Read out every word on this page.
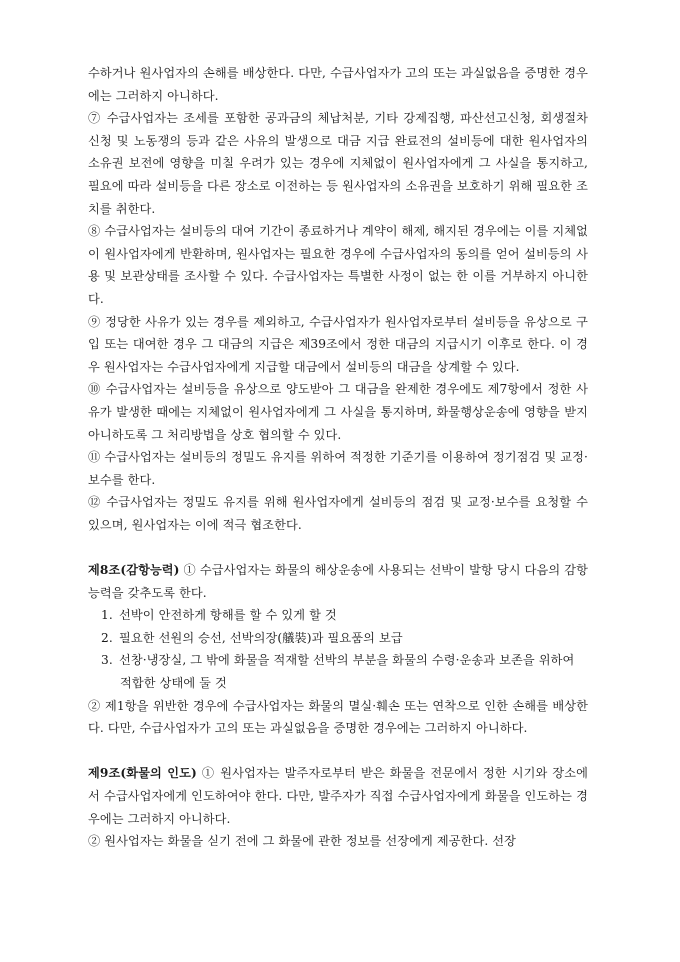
수하거나 원사업자의 손해를 배상한다. 다만, 수급사업자가 고의 또는 과실없음을 증명한 경우에는 그러하지 아니하다.

⑦ 수급사업자는 조세를 포함한 공과금의 체납처분, 기타 강제집행, 파산선고신청, 회생절차 신청 및 노동쟁의 등과 같은 사유의 발생으로 대금 지급 완료전의 설비등에 대한 원사업자의 소유권 보전에 영향을 미칠 우려가 있는 경우에 지체없이 원사업자에게 그 사실을 통지하고, 필요에 따라 설비등을 다른 장소로 이전하는 등 원사업자의 소유권을 보호하기 위해 필요한 조치를 취한다.

⑧ 수급사업자는 설비등의 대여 기간이 종료하거나 계약이 해제, 해지된 경우에는 이를 지체없이 원사업자에게 반환하며, 원사업자는 필요한 경우에 수급사업자의 동의를 얻어 설비등의 사용 및 보관상태를 조사할 수 있다. 수급사업자는 특별한 사정이 없는 한 이를 거부하지 아니한다.

⑨ 정당한 사유가 있는 경우를 제외하고, 수급사업자가 원사업자로부터 설비등을 유상으로 구입 또는 대여한 경우 그 대금의 지급은 제39조에서 정한 대금의 지급시기 이후로 한다. 이 경우 원사업자는 수급사업자에게 지급할 대금에서 설비등의 대금을 상계할 수 있다.

⑩ 수급사업자는 설비등을 유상으로 양도받아 그 대금을 완제한 경우에도 제7항에서 정한 사유가 발생한 때에는 지체없이 원사업자에게 그 사실을 통지하며, 화물행상운송에 영향을 받지 아니하도록 그 처리방법을 상호 협의할 수 있다.

⑪ 수급사업자는 설비등의 정밀도 유지를 위하여 적정한 기준기를 이용하여 정기점검 및 교정·보수를 한다.

⑫ 수급사업자는 정밀도 유지를 위해 원사업자에게 설비등의 점검 및 교정·보수를 요청할 수 있으며, 원사업자는 이에 적극 협조한다.

제8조(감항능력) ① 수급사업자는 화물의 해상운송에 사용되는 선박이 발항 당시 다음의 감항능력을 갖추도록 한다.

1. 선박이 안전하게 항해를 할 수 있게 할 것

2. 필요한 선원의 승선, 선박의장(艤裝)과 필요품의 보급

3. 선창·냉장실, 그 밖에 화물을 적재할 선박의 부분을 화물의 수령·운송과 보존을 위하여 적합한 상태에 둘 것

② 제1항을 위반한 경우에 수급사업자는 화물의 멸실·훼손 또는 연착으로 인한 손해를 배상한다. 다만, 수급사업자가 고의 또는 과실없음을 증명한 경우에는 그러하지 아니하다.

제9조(화물의 인도) ① 원사업자는 발주자로부터 받은 화물을 전문에서 정한 시기와 장소에서 수급사업자에게 인도하여야 한다. 다만, 발주자가 직접 수급사업자에게 화물을 인도하는 경우에는 그러하지 아니하다.

② 원사업자는 화물을 싣기 전에 그 화물에 관한 정보를 선장에게 제공한다. 선장
